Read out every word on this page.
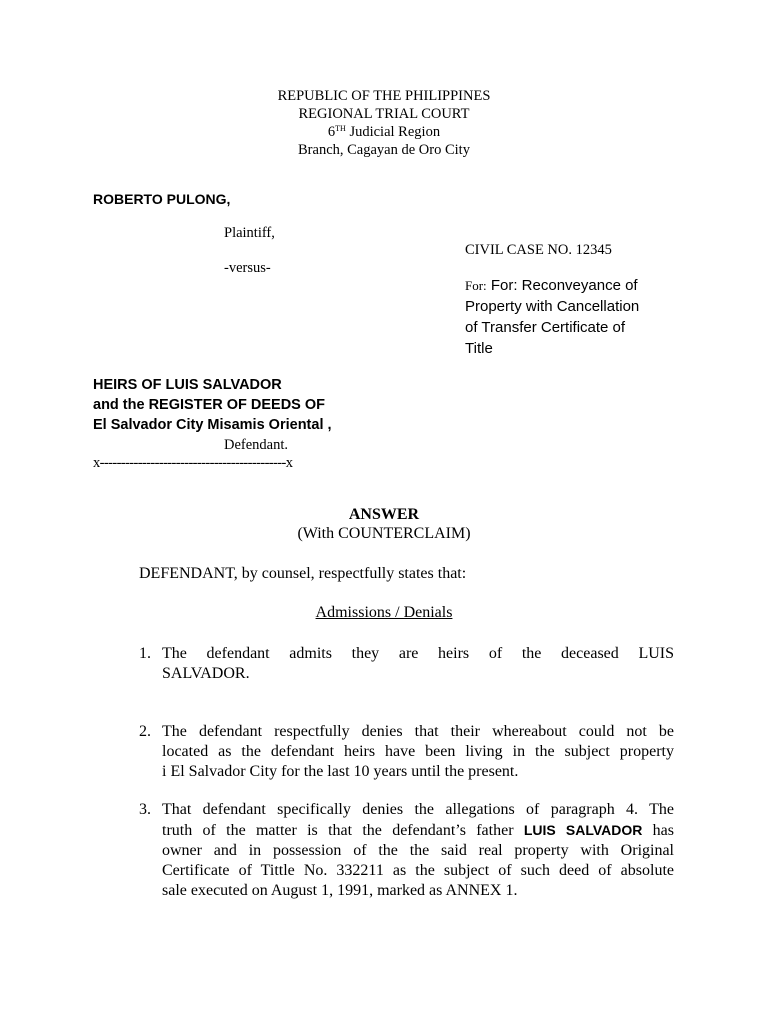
REPUBLIC OF THE PHILIPPINES
REGIONAL TRIAL COURT
6TH Judicial Region
Branch, Cagayan de Oro City
ROBERTO PULONG,
Plaintiff,
CIVIL CASE NO. 12345
-versus-
For: For: Reconveyance of
Property with Cancellation
of Transfer Certificate of
Title
HEIRS OF LUIS SALVADOR
and the REGISTER OF DEEDS OF
El Salvador City Misamis Oriental ,
Defendant.
x--------------------------------------------x
ANSWER
(With COUNTERCLAIM)
DEFENDANT, by counsel, respectfully states that:
Admissions / Denials
1. The defendant admits they are heirs of the deceased LUIS
SALVADOR.
2. The defendant respectfully denies that their whereabout could not be
located as the defendant heirs have been living in the subject property
i El Salvador City for the last 10 years until the present.
3. That defendant specifically denies the allegations of paragraph 4. The
truth of the matter is that the defendant’s father LUIS SALVADOR has
owner and in possession of the the said real property with Original
Certificate of Tittle No. 332211 as the subject of such deed of absolute
sale executed on August 1, 1991, marked as ANNEX 1.
